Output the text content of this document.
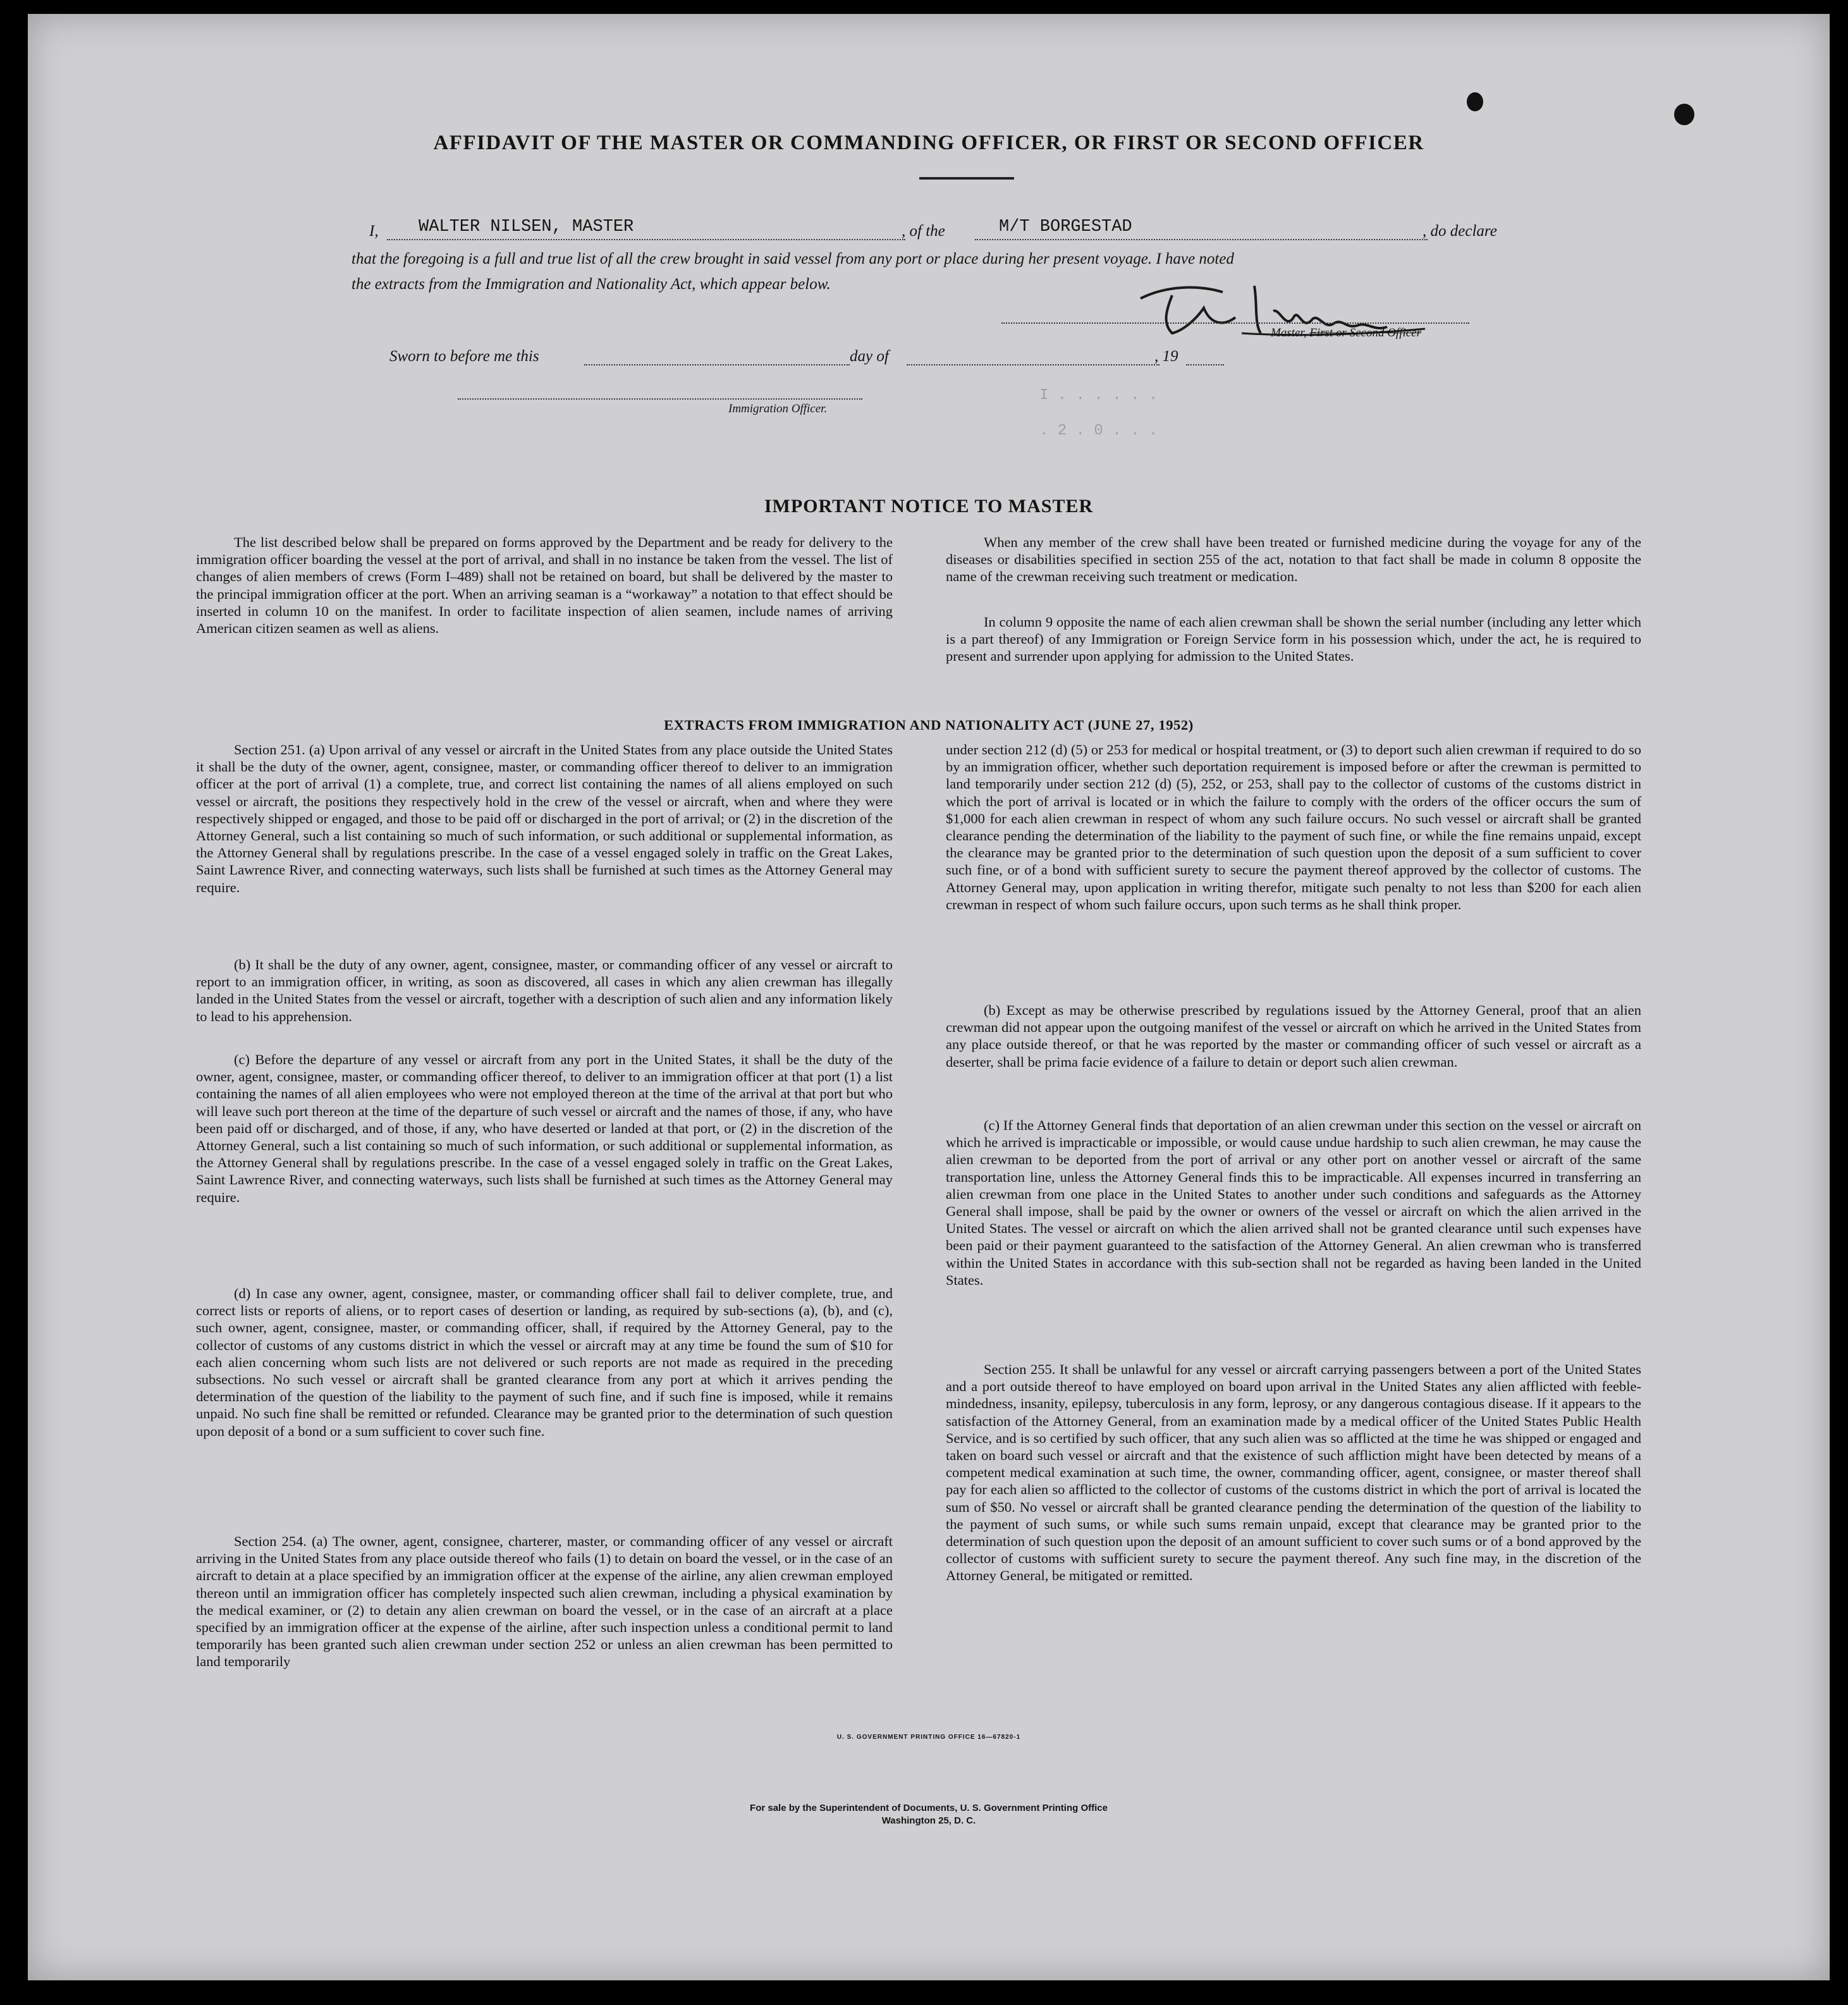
I . . . . . .
. 2 . 0 . . .
AFFIDAVIT OF THE MASTER OR COMMANDING OFFICER, OR FIRST OR SECOND OFFICER
I, WALTER NILSEN, MASTER	, of the	M/T BORGESTAD	, do declare
that the foregoing is a full and true list of all the crew brought in said vessel from any port or place during her present voyage. I have noted
the extracts from the Immigration and Nationality Act, which appear below.
Master, First or Second Officer
Sworn to before me this	day of	, 19
Immigration Officer.
IMPORTANT NOTICE TO MASTER

The list described below shall be prepared on forms approved by the Department and be ready for delivery to the immigration officer boarding the vessel at the port of arrival, and shall in no instance be taken from the vessel. The list of changes of alien members of crews (Form I–489) shall not be retained on board, but shall be delivered by the master to the principal immigration officer at the port. When an arriving seaman is a “workaway” a notation to that effect should be inserted in column 10 on the manifest. In order to facilitate inspection of alien seamen, include names of arriving American citizen seamen as well as aliens.

When any member of the crew shall have been treated or furnished medicine during the voyage for any of the diseases or disabilities specified in section 255 of the act, notation to that fact shall be made in column 8 opposite the name of the crewman receiving such treatment or medication.

In column 9 opposite the name of each alien crewman shall be shown the serial number (including any letter which is a part thereof) of any Immigration or Foreign Service form in his possession which, under the act, he is required to present and surrender upon applying for admission to the United States.

EXTRACTS FROM IMMIGRATION AND NATIONALITY ACT (JUNE 27, 1952)

Section 251. (a) Upon arrival of any vessel or aircraft in the United States from any place outside the United States it shall be the duty of the owner, agent, consignee, master, or commanding officer thereof to deliver to an immigration officer at the port of arrival (1) a complete, true, and correct list containing the names of all aliens employed on such vessel or aircraft, the positions they respectively hold in the crew of the vessel or aircraft, when and where they were respectively shipped or engaged, and those to be paid off or discharged in the port of arrival; or (2) in the discretion of the Attorney General, such a list containing so much of such information, or such additional or supplemental information, as the Attorney General shall by regulations prescribe. In the case of a vessel engaged solely in traffic on the Great Lakes, Saint Lawrence River, and connecting waterways, such lists shall be furnished at such times as the Attorney General may require.

(b) It shall be the duty of any owner, agent, consignee, master, or commanding officer of any vessel or aircraft to report to an immigration officer, in writing, as soon as discovered, all cases in which any alien crewman has illegally landed in the United States from the vessel or aircraft, together with a description of such alien and any information likely to lead to his apprehension.

(c) Before the departure of any vessel or aircraft from any port in the United States, it shall be the duty of the owner, agent, consignee, master, or commanding officer thereof, to deliver to an immigration officer at that port (1) a list containing the names of all alien employees who were not employed thereon at the time of the arrival at that port but who will leave such port thereon at the time of the departure of such vessel or aircraft and the names of those, if any, who have been paid off or discharged, and of those, if any, who have deserted or landed at that port, or (2) in the discretion of the Attorney General, such a list containing so much of such information, or such additional or supplemental information, as the Attorney General shall by regulations prescribe. In the case of a vessel engaged solely in traffic on the Great Lakes, Saint Lawrence River, and connecting waterways, such lists shall be furnished at such times as the Attorney General may require.

(d) In case any owner, agent, consignee, master, or commanding officer shall fail to deliver complete, true, and correct lists or reports of aliens, or to report cases of desertion or landing, as required by sub-sections (a), (b), and (c), such owner, agent, consignee, master, or commanding officer, shall, if required by the Attorney General, pay to the collector of customs of any customs district in which the vessel or aircraft may at any time be found the sum of $10 for each alien concerning whom such lists are not delivered or such reports are not made as required in the preceding subsections. No such vessel or aircraft shall be granted clearance from any port at which it arrives pending the determination of the question of the liability to the payment of such fine, and if such fine is imposed, while it remains unpaid. No such fine shall be remitted or refunded. Clearance may be granted prior to the determination of such question upon deposit of a bond or a sum sufficient to cover such fine.

Section 254. (a) The owner, agent, consignee, charterer, master, or commanding officer of any vessel or aircraft arriving in the United States from any place outside thereof who fails (1) to detain on board the vessel, or in the case of an aircraft to detain at a place specified by an immigration officer at the expense of the airline, any alien crewman employed thereon until an immigration officer has completely inspected such alien crewman, including a physical examination by the medical examiner, or (2) to detain any alien crewman on board the vessel, or in the case of an aircraft at a place specified by an immigration officer at the expense of the airline, after such inspection unless a conditional permit to land temporarily has been granted such alien crewman under section 252 or unless an alien crewman has been permitted to land temporarily

under section 212 (d) (5) or 253 for medical or hospital treatment, or (3) to deport such alien crewman if required to do so by an immigration officer, whether such deportation requirement is imposed before or after the crewman is permitted to land temporarily under section 212 (d) (5), 252, or 253, shall pay to the collector of customs of the customs district in which the port of arrival is located or in which the failure to comply with the orders of the officer occurs the sum of $1,000 for each alien crewman in respect of whom any such failure occurs. No such vessel or aircraft shall be granted clearance pending the determination of the liability to the payment of such fine, or while the fine remains unpaid, except the clearance may be granted prior to the determination of such question upon the deposit of a sum sufficient to cover such fine, or of a bond with sufficient surety to secure the payment thereof approved by the collector of customs. The Attorney General may, upon application in writing therefor, mitigate such penalty to not less than $200 for each alien crewman in respect of whom such failure occurs, upon such terms as he shall think proper.

(b) Except as may be otherwise prescribed by regulations issued by the Attorney General, proof that an alien crewman did not appear upon the outgoing manifest of the vessel or aircraft on which he arrived in the United States from any place outside thereof, or that he was reported by the master or commanding officer of such vessel or aircraft as a deserter, shall be prima facie evidence of a failure to detain or deport such alien crewman.

(c) If the Attorney General finds that deportation of an alien crewman under this section on the vessel or aircraft on which he arrived is impracticable or impossible, or would cause undue hardship to such alien crewman, he may cause the alien crewman to be deported from the port of arrival or any other port on another vessel or aircraft of the same transportation line, unless the Attorney General finds this to be impracticable. All expenses incurred in transferring an alien crewman from one place in the United States to another under such conditions and safeguards as the Attorney General shall impose, shall be paid by the owner or owners of the vessel or aircraft on which the alien arrived in the United States. The vessel or aircraft on which the alien arrived shall not be granted clearance until such expenses have been paid or their payment guaranteed to the satisfaction of the Attorney General. An alien crewman who is transferred within the United States in accordance with this sub-section shall not be regarded as having been landed in the United States.

Section 255. It shall be unlawful for any vessel or aircraft carrying passengers between a port of the United States and a port outside thereof to have employed on board upon arrival in the United States any alien afflicted with feeble-mindedness, insanity, epilepsy, tuberculosis in any form, leprosy, or any dangerous contagious disease. If it appears to the satisfaction of the Attorney General, from an examination made by a medical officer of the United States Public Health Service, and is so certified by such officer, that any such alien was so afflicted at the time he was shipped or engaged and taken on board such vessel or aircraft and that the existence of such affliction might have been detected by means of a competent medical examination at such time, the owner, commanding officer, agent, consignee, or master thereof shall pay for each alien so afflicted to the collector of customs of the customs district in which the port of arrival is located the sum of $50. No vessel or aircraft shall be granted clearance pending the determination of the question of the liability to the payment of such sums, or while such sums remain unpaid, except that clearance may be granted prior to the determination of such question upon the deposit of an amount sufficient to cover such sums or of a bond approved by the collector of customs with sufficient surety to secure the payment thereof. Any such fine may, in the discretion of the Attorney General, be mitigated or remitted.

U. S. GOVERNMENT PRINTING OFFICE 16—67820-1
For sale by the Superintendent of Documents, U. S. Government Printing Office
Washington 25, D. C.
